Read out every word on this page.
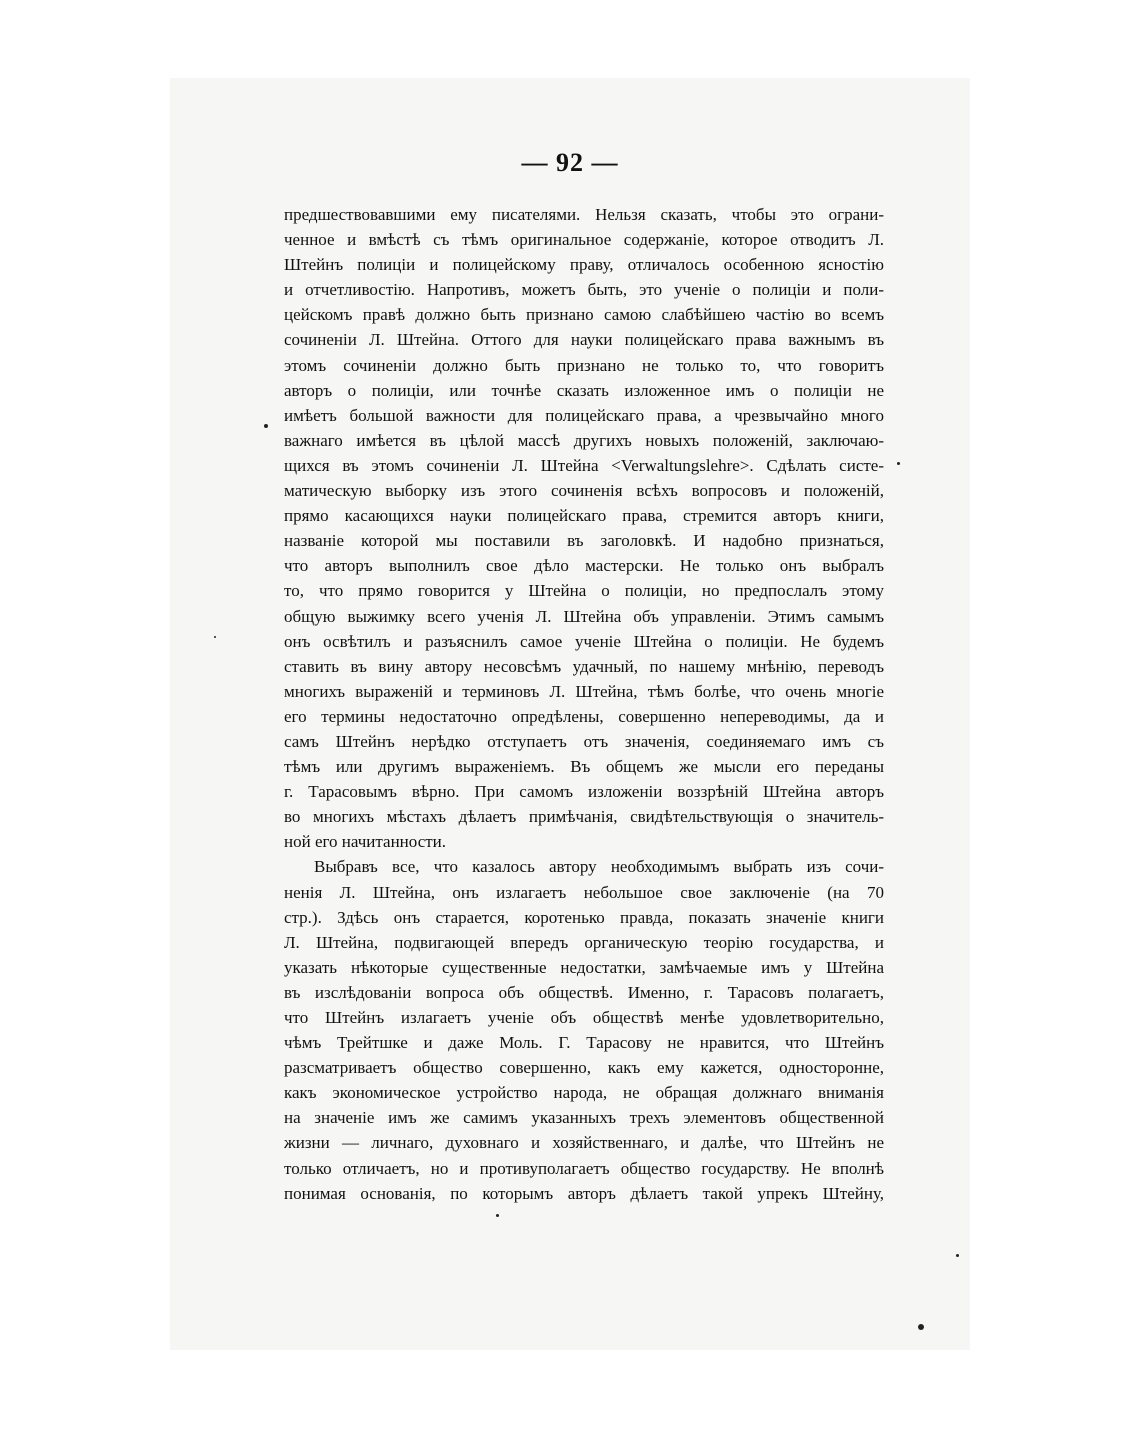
— 92 —
предшествовавшими ему писателями. Нельзя сказать, чтобы это ограни-
ченное и вмѣстѣ съ тѣмъ оригинальное содержаніе, которое отводитъ Л.
Штейнъ полиціи и полицейскому праву, отличалось особенною ясностію
и отчетливостію. Напротивъ, можетъ быть, это ученіе о полиціи и поли-
цейскомъ правѣ должно быть признано самою слабѣйшею частію во всемъ
сочиненіи Л. Штейна. Оттого для науки полицейскаго права важнымъ въ
этомъ сочиненіи должно быть признано не только то, что говоритъ
авторъ о полиціи, или точнѣе сказать изложенное имъ о полиціи не
имѣетъ большой важности для полицейскаго права, а чрезвычайно много
важнаго имѣется въ цѣлой массѣ другихъ новыхъ положеній, заключаю-
щихся въ этомъ сочиненіи Л. Штейна <Verwaltungslehre>. Сдѣлать систе-
матическую выборку изъ этого сочиненія всѣхъ вопросовъ и положеній,
прямо касающихся науки полицейскаго права, стремится авторъ книги,
названіе которой мы поставили въ заголовкѣ. И надобно признаться,
что авторъ выполнилъ свое дѣло мастерски. Не только онъ выбралъ
то, что прямо говорится у Штейна о полиціи, но предпослалъ этому
общую выжимку всего ученія Л. Штейна объ управленіи. Этимъ самымъ
онъ освѣтилъ и разъяснилъ самое ученіе Штейна о полиціи. Не будемъ
ставить въ вину автору несовсѣмъ удачный, по нашему мнѣнію, переводъ
многихъ выраженій и терминовъ Л. Штейна, тѣмъ болѣе, что очень многіе
его термины недостаточно опредѣлены, совершенно непереводимы, да и
самъ Штейнъ нерѣдко отступаетъ отъ значенія, соединяемаго имъ съ
тѣмъ или другимъ выраженіемъ. Въ общемъ же мысли его переданы
г. Тарасовымъ вѣрно. При самомъ изложеніи воззрѣній Штейна авторъ
во многихъ мѣстахъ дѣлаетъ примѣчанія, свидѣтельствующія о значитель-
ной его начитанности.
Выбравъ все, что казалось автору необходимымъ выбрать изъ сочи-
ненія Л. Штейна, онъ излагаетъ небольшое свое заключеніе (на 70
стр.). Здѣсь онъ старается, коротенько правда, показать значеніе книги
Л. Штейна, подвигающей впередъ органическую теорію государства, и
указать нѣкоторые существенные недостатки, замѣчаемые имъ у Штейна
въ изслѣдованіи вопроса объ обществѣ. Именно, г. Тарасовъ полагаетъ,
что Штейнъ излагаетъ ученіе объ обществѣ менѣе удовлетворительно,
чѣмъ Трейтшке и даже Моль. Г. Тарасову не нравится, что Штейнъ
разсматриваетъ общество совершенно, какъ ему кажется, одностороннe,
какъ экономическое устройство народа, не обращая должнаго вниманія
на значеніе имъ же самимъ указанныхъ трехъ элементовъ общественной
жизни — личнаго, духовнаго и хозяйственнаго, и далѣе, что Штейнъ не
только отличаетъ, но и противуполагаетъ общество государству. Не вполнѣ
понимая основанія, по которымъ авторъ дѣлаетъ такой упрекъ Штейну,
